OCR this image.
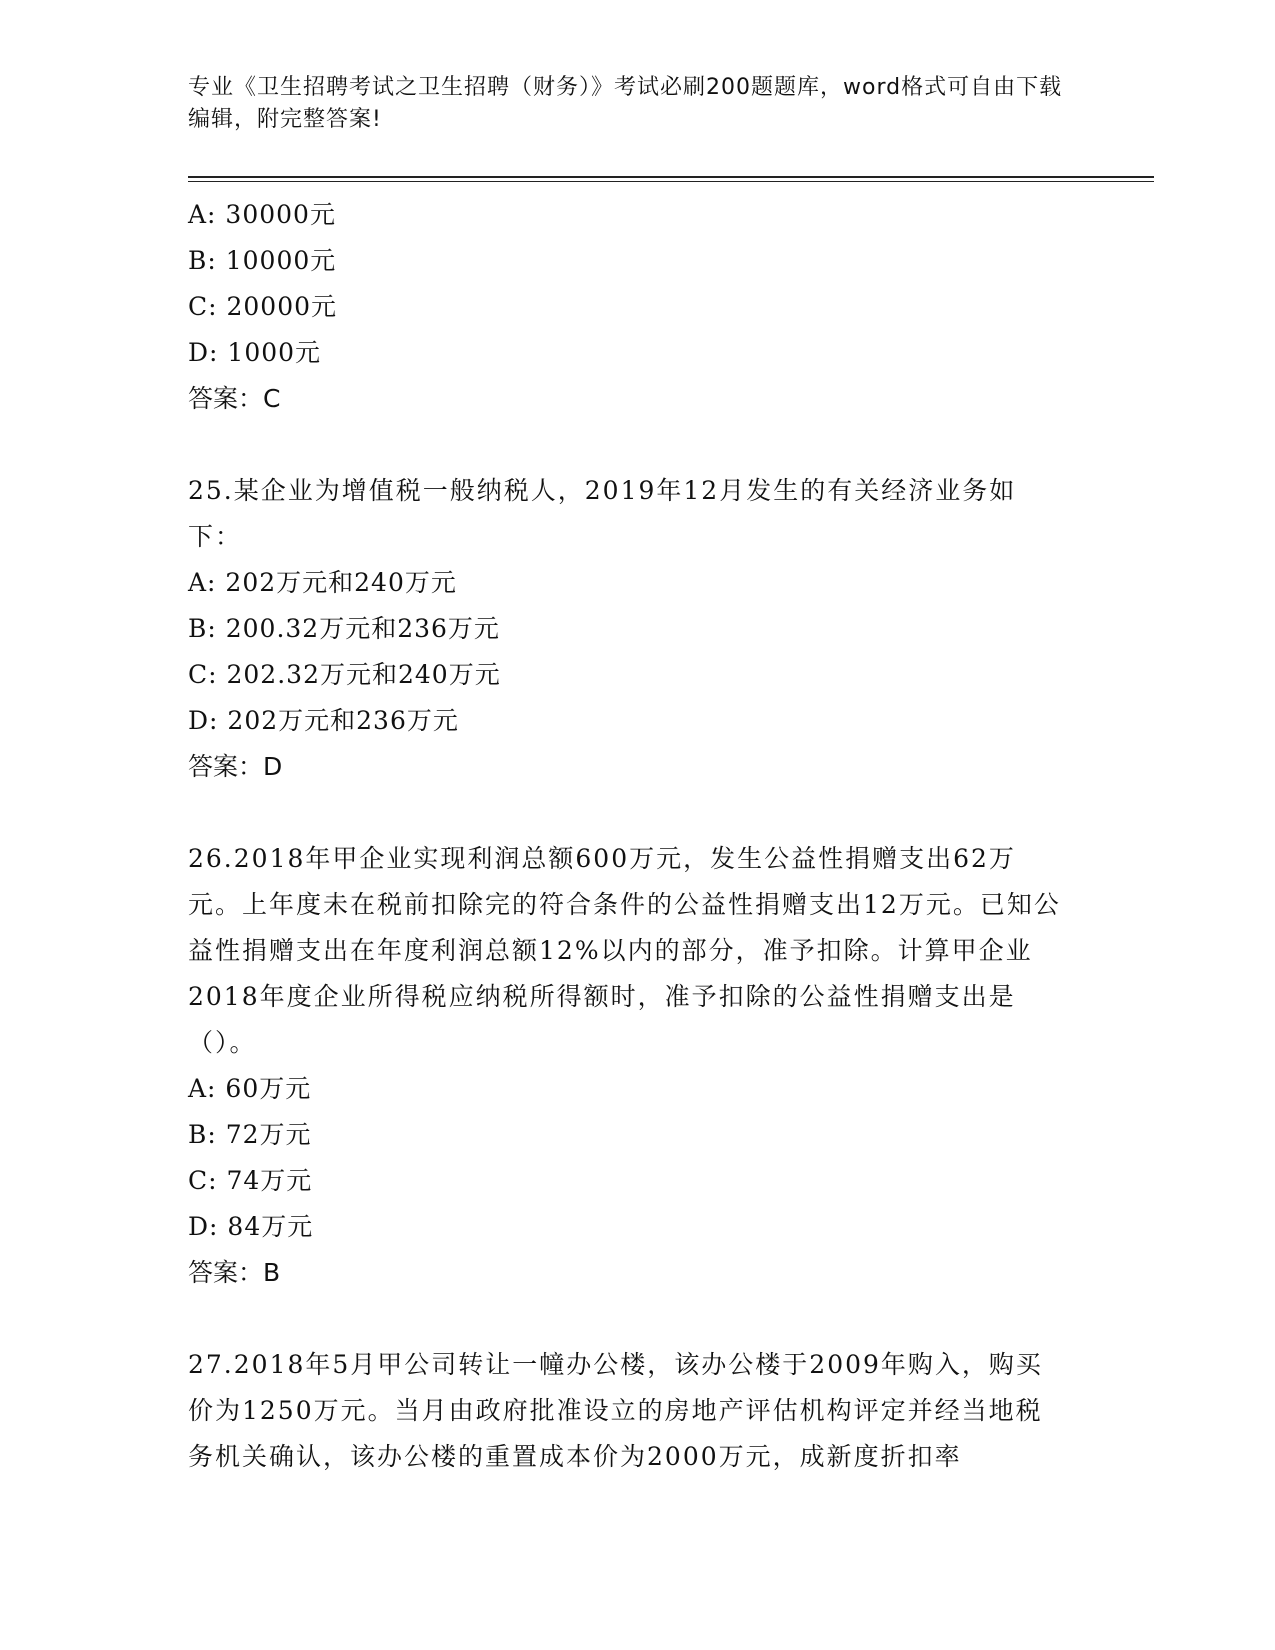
专业《卫生招聘考试之卫生招聘（财务）》考试必刷200题题库，word格式可自由下载编辑，附完整答案!
A: 30000元
B: 10000元
C: 20000元
D: 1000元
答案：C
25.某企业为增值税一般纳税人，2019年12月发生的有关经济业务如下：
A: 202万元和240万元
B: 200.32万元和236万元
C: 202.32万元和240万元
D: 202万元和236万元
答案：D
26.2018年甲企业实现利润总额600万元，发生公益性捐赠支出62万元。上年度未在税前扣除完的符合条件的公益性捐赠支出12万元。已知公益性捐赠支出在年度利润总额12%以内的部分，准予扣除。计算甲企业2018年度企业所得税应纳税所得额时，准予扣除的公益性捐赠支出是（）。
A: 60万元
B: 72万元
C: 74万元
D: 84万元
答案：B
27.2018年5月甲公司转让一幢办公楼，该办公楼于2009年购入，购买价为1250万元。当月由政府批准设立的房地产评估机构评定并经当地税务机关确认，该办公楼的重置成本价为2000万元，成新度折扣率
